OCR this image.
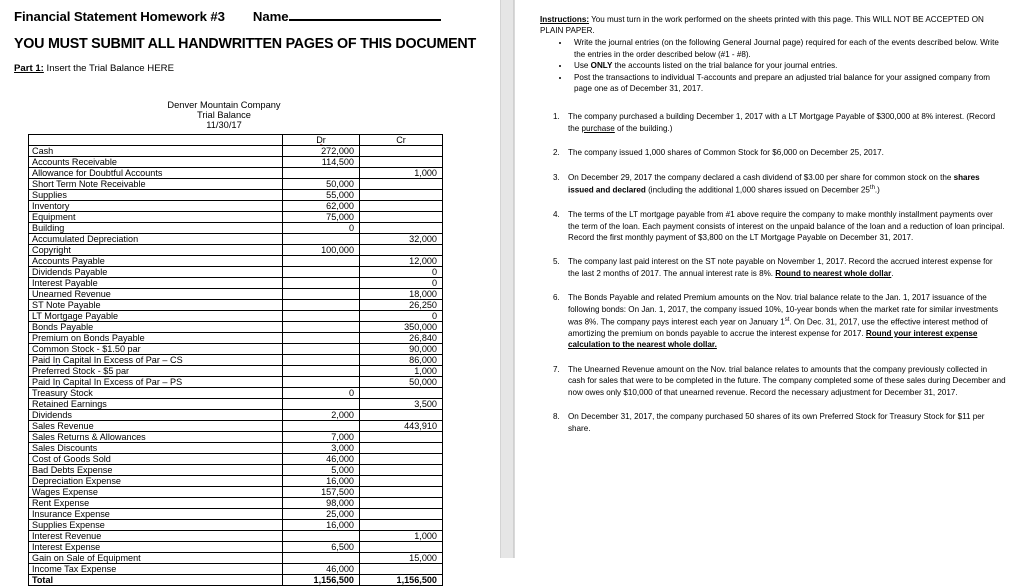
Financial Statement Homework #3 Name
YOU MUST SUBMIT ALL HANDWRITTEN PAGES OF THIS DOCUMENT
Part 1: Insert the Trial Balance HERE
Denver Mountain Company
Trial Balance
11/30/17
	Dr	Cr
Cash	272,000	
Accounts Receivable	114,500	
Allowance for Doubtful Accounts		1,000
Short Term Note Receivable	50,000	
Supplies	55,000	
Inventory	62,000	
Equipment	75,000	
Building	0	
Accumulated Depreciation		32,000
Copyright	100,000	
Accounts Payable		12,000
Dividends Payable		0
Interest Payable		0
Unearned Revenue		18,000
ST Note Payable		26,250
LT Mortgage Payable		0
Bonds Payable		350,000
Premium on Bonds Payable		26,840
Common Stock - $1.50 par		90,000
Paid In Capital In Excess of Par – CS		86,000
Preferred Stock - $5 par		1,000
Paid In Capital In Excess of Par – PS		50,000
Treasury Stock	0	
Retained Earnings		3,500
Dividends	2,000	
Sales Revenue		443,910
Sales Returns & Allowances	7,000	
Sales Discounts	3,000	
Cost of Goods Sold	46,000	
Bad Debts Expense	5,000	
Depreciation Expense	16,000	
Wages Expense	157,500	
Rent Expense	98,000	
Insurance Expense	25,000	
Supplies Expense	16,000	
Interest Revenue		1,000
Interest Expense	6,500	
Gain on Sale of Equipment		15,000
Income Tax Expense	46,000	
Total	1,156,500	1,156,500

Instructions: You must turn in the work performed on the sheets printed with this page. This WILL NOT BE ACCEPTED ON PLAIN PAPER.

• Write the journal entries (on the following General Journal page) required for each of the events described below. Write the entries in the order described below (#1 - #8).
• Use ONLY the accounts listed on the trial balance for your journal entries.
• Post the transactions to individual T-accounts and prepare an adjusted trial balance for your assigned company from page one as of December 31, 2017.
1. The company purchased a building December 1, 2017 with a LT Mortgage Payable of $300,000 at 8% interest. (Record the purchase of the building.)
2. The company issued 1,000 shares of Common Stock for $6,000 on December 25, 2017.
3. On December 29, 2017 the company declared a cash dividend of $3.00 per share for common stock on the shares issued and declared (including the additional 1,000 shares issued on December 25th.)
4. The terms of the LT mortgage payable from #1 above require the company to make monthly installment payments over the term of the loan. Each payment consists of interest on the unpaid balance of the loan and a reduction of loan principal. Record the first monthly payment of $3,800 on the LT Mortgage Payable on December 31, 2017.
5. The company last paid interest on the ST note payable on November 1, 2017. Record the accrued interest expense for the last 2 months of 2017. The annual interest rate is 8%. Round to nearest whole dollar.
6. The Bonds Payable and related Premium amounts on the Nov. trial balance relate to the Jan. 1, 2017 issuance of the following bonds: On Jan. 1, 2017, the company issued 10%, 10-year bonds when the market rate for similar investments was 8%. The company pays interest each year on January 1st. On Dec. 31, 2017, use the effective interest method of amortizing the premium on bonds payable to accrue the interest expense for 2017. Round your interest expense calculation to the nearest whole dollar.
7. The Unearned Revenue amount on the Nov. trial balance relates to amounts that the company previously collected in cash for sales that were to be completed in the future. The company completed some of these sales during December and now owes only $10,000 of that unearned revenue. Record the necessary adjustment for December 31, 2017.
8. On December 31, 2017, the company purchased 50 shares of its own Preferred Stock for Treasury Stock for $11 per share.
